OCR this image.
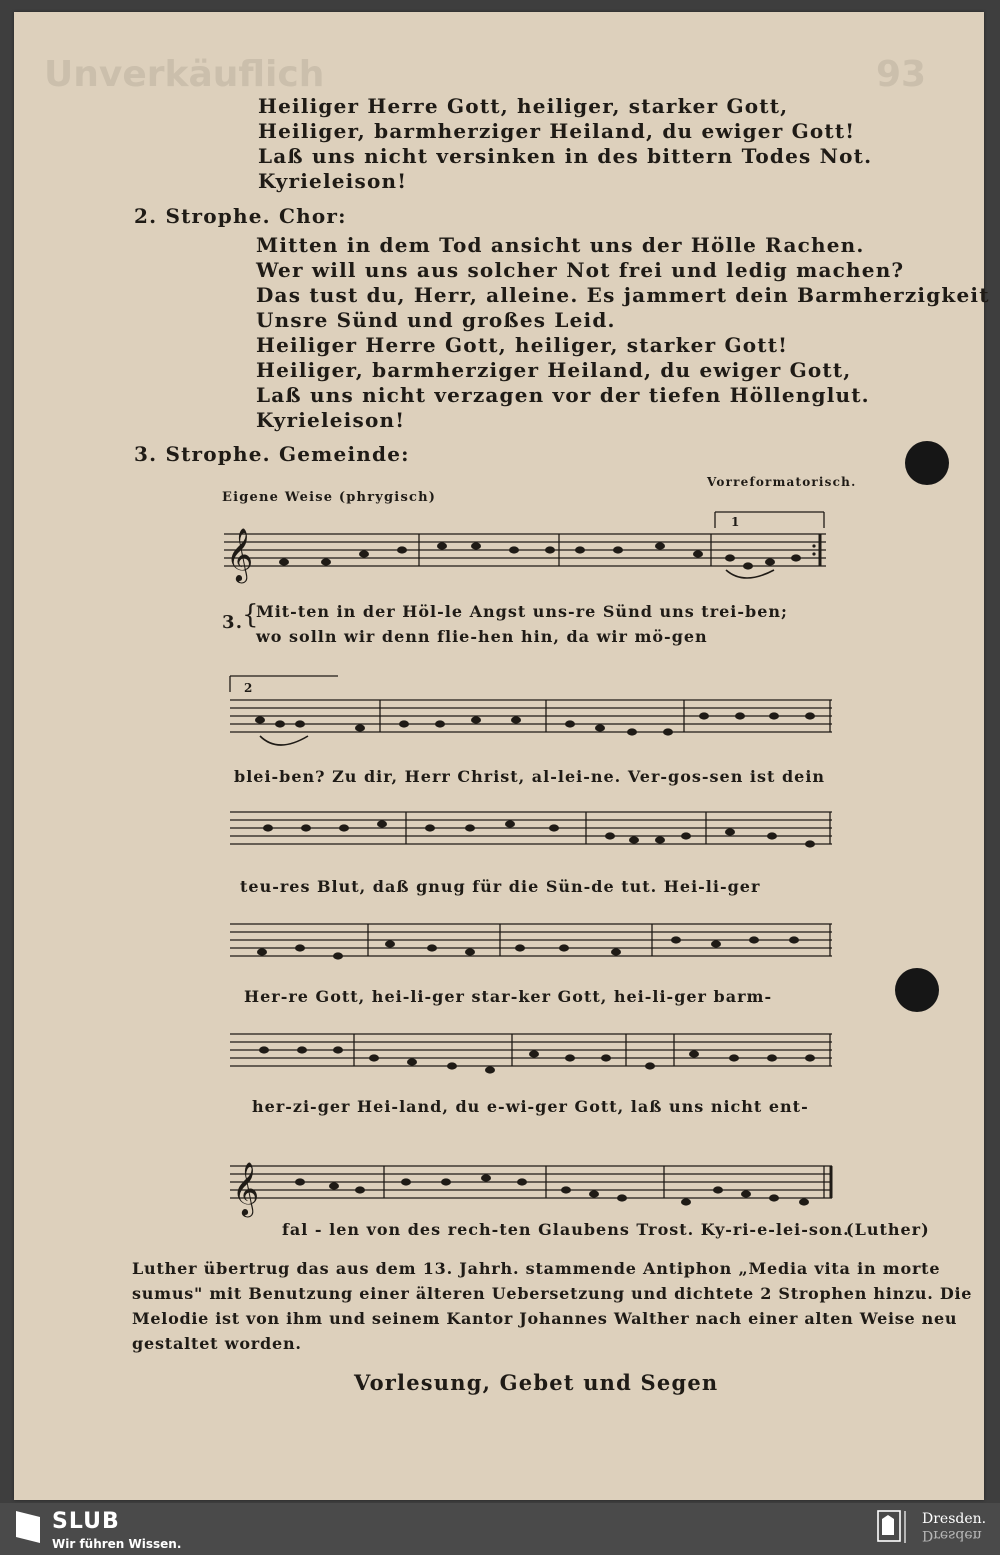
Unverkäuflich	93
Heiliger Herre Gott, heiliger, starker Gott,
Heiliger, barmherziger Heiland, du ewiger Gott!
Laß uns nicht versinken in des bittern Todes Not.
Kyrieleison!
2. Strophe. Chor:
Mitten in dem Tod ansicht uns der Hölle Rachen.
Wer will uns aus solcher Not frei und ledig machen?
Das tust du, Herr, alleine. Es jammert dein Barmherzigkeit
Unsre Sünd und großes Leid.
Heiliger Herre Gott, heiliger, starker Gott!
Heiliger, barmherziger Heiland, du ewiger Gott,
Laß uns nicht verzagen vor der tiefen Höllenglut.
Kyrieleison!
3. Strophe. Gemeinde:
Eigene Weise (phrygisch)
Vorreformatorisch.
𝄞
1
3.
{
Mit-ten in der Höl-le Angst uns-re Sünd uns trei-ben;
wo solln wir denn flie-hen hin, da wir mö-gen
2
blei-ben? Zu dir, Herr Christ, al-lei-ne. Ver-gos-sen ist dein
teu-res Blut, daß gnug für die Sün-de tut. Hei-li-ger
Her-re Gott, hei-li-ger star-ker Gott, hei-li-ger barm-
her-zi-ger Hei-land, du e-wi-ger Gott, laß uns nicht ent-
𝄞
fal - len von des rech-ten Glaubens Trost. Ky-ri-e-lei-son.
(Luther)
Luther übertrug das aus dem 13. Jahrh. stammende Antiphon „Media vita in morte
sumus" mit Benutzung einer älteren Uebersetzung und dichtete 2 Strophen hinzu. Die
Melodie ist von ihm und seinem Kantor Johannes Walther nach einer alten Weise neu
gestaltet worden.
Vorlesung, Gebet und Segen
SLUB
Wir führen Wissen.
Dresden.
Dresden
